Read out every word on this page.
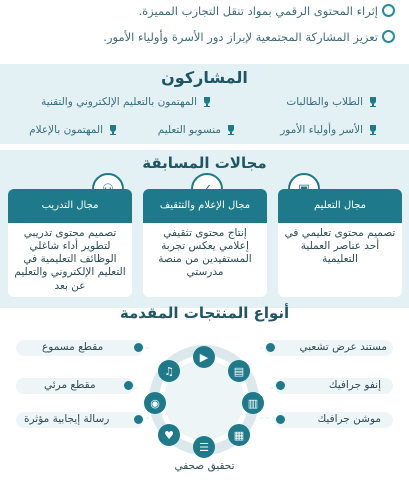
إثراء المحتوى الرقمي بمواد تنقل التجارب المميزة.
تعزيز المشاركة المجتمعية لإبراز دور الأسرة وأولياء الأمور.
المشاركون
الطلاب والطالبات
المهتمون بالتعليم الإلكتروني والتقنية
الأسر وأولياء الأمور
منسوبو التعليم
المهتمون بالإعلام
مجالات المسابقة
مجال التعليم
تصميم محتوى تعليمي في أحد عناصر العملية التعليمية
مجال الإعلام والتثقيف
إنتاج محتوى تثقيفي إعلامي يعكس تجربة المستفيدين من منصة مدرستي
مجال التدريب
تصميم محتوى تدريبي لتطوير أداء شاغلي الوظائف التعليمية في التعليم الإلكتروني والتعليم عن بعد
أنواع المنتجات المقدمة
▶
▤
▥
▦
☰
♥
◉
♫
مستند عرض تشعبي
إنفو جرافيك
موشن جرافيك
مقطع مسموع
مقطع مرئي
رسالة إيجابية مؤثرة
تحقيق صحفي
